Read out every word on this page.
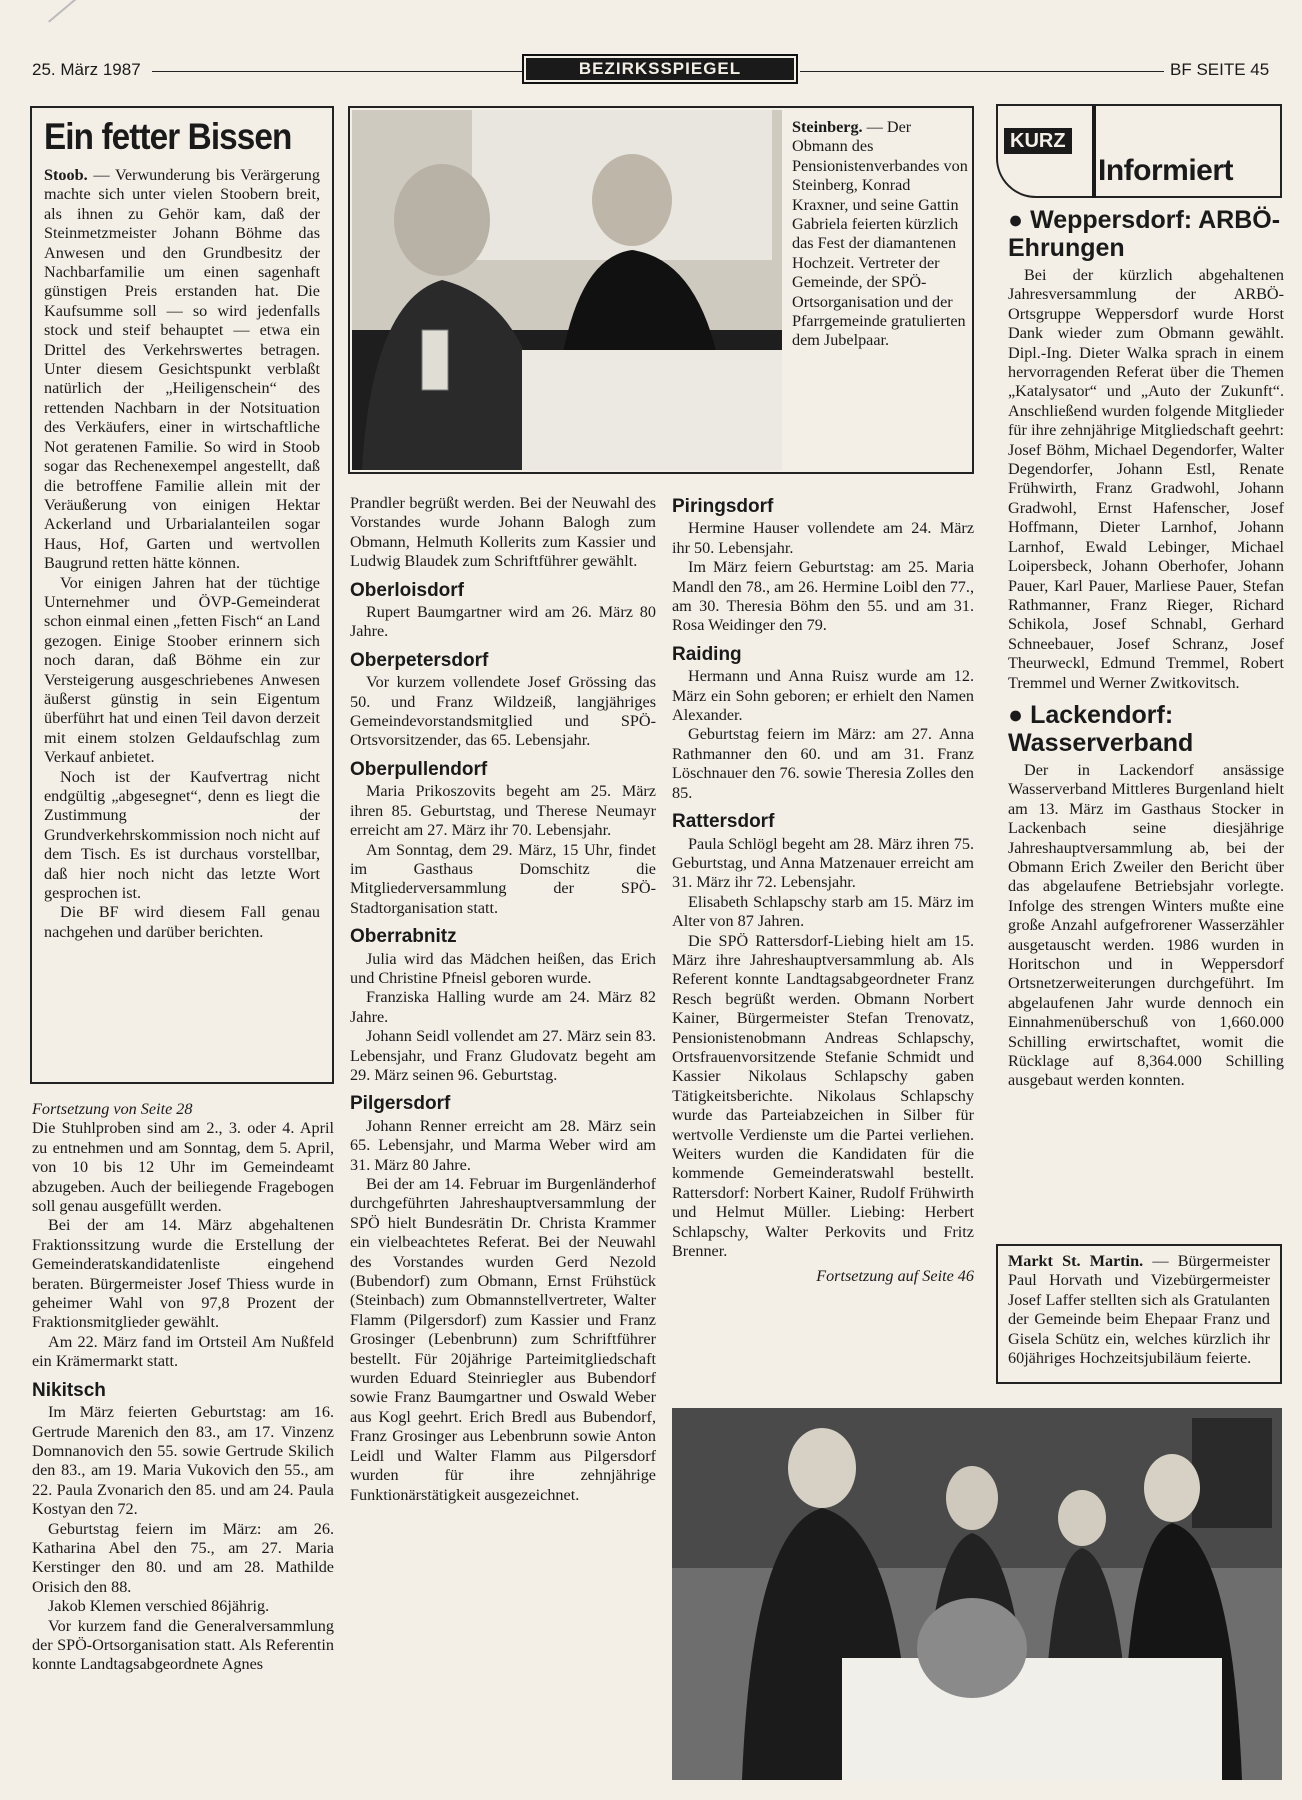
25. März 1987	BEZIRKSSPIEGEL	BF SEITE 45
Ein fetter Bissen

Stoob. — Verwunderung bis Verärgerung machte sich unter vielen Stoobern breit, als ihnen zu Gehör kam, daß der Steinmetzmeister Johann Böhme das Anwesen und den Grundbesitz der Nachbarfamilie um einen sagenhaft günstigen Preis erstanden hat. Die Kaufsumme soll — so wird jedenfalls stock und steif behauptet — etwa ein Drittel des Verkehrswertes betragen. Unter diesem Gesichtspunkt verblaßt natürlich der „Heiligenschein“ des rettenden Nachbarn in der Notsituation des Verkäufers, einer in wirtschaftliche Not geratenen Familie. So wird in Stoob sogar das Rechenexempel angestellt, daß die betroffene Familie allein mit der Veräußerung von einigen Hektar Ackerland und Urbarialanteilen sogar Haus, Hof, Garten und wertvollen Baugrund retten hätte können.

Vor einigen Jahren hat der tüchtige Unternehmer und ÖVP-Gemeinderat schon einmal einen „fetten Fisch“ an Land gezogen. Einige Stoober erinnern sich noch daran, daß Böhme ein zur Versteigerung ausgeschriebenes Anwesen äußerst günstig in sein Eigentum überführt hat und einen Teil davon derzeit mit einem stolzen Geldaufschlag zum Verkauf anbietet.

Noch ist der Kaufvertrag nicht endgültig „abgesegnet“, denn es liegt die Zustimmung der Grundverkehrskommission noch nicht auf dem Tisch. Es ist durchaus vorstellbar, daß hier noch nicht das letzte Wort gesprochen ist.

Die BF wird diesem Fall genau nachgehen und darüber berichten.

Fortsetzung von Seite 28

Die Stuhlproben sind am 2., 3. oder 4. April zu entnehmen und am Sonntag, dem 5. April, von 10 bis 12 Uhr im Gemeindeamt abzugeben. Auch der beiliegende Fragebogen soll genau ausgefüllt werden.

Bei der am 14. März abgehaltenen Fraktionssitzung wurde die Erstellung der Gemeinderatskandidatenliste eingehend beraten. Bürgermeister Josef Thiess wurde in geheimer Wahl von 97,8 Prozent der Fraktionsmitglieder gewählt.

Am 22. März fand im Ortsteil Am Nußfeld ein Krämermarkt statt.

Nikitsch

Im März feierten Geburtstag: am 16. Gertrude Marenich den 83., am 17. Vinzenz Domnanovich den 55. sowie Gertrude Skilich den 83., am 19. Maria Vukovich den 55., am 22. Paula Zvonarich den 85. und am 24. Paula Kostyan den 72.

Geburtstag feiern im März: am 26. Katharina Abel den 75., am 27. Maria Kerstinger den 80. und am 28. Mathilde Orisich den 88.

Jakob Klemen verschied 86jährig.

Vor kurzem fand die Generalversammlung der SPÖ-Ortsorganisation statt. Als Referentin konnte Landtagsabgeordnete Agnes

Steinberg. — Der Obmann des Pensionistenverbandes von Steinberg, Konrad Kraxner, und seine Gattin Gabriela feierten kürzlich das Fest der diamantenen Hochzeit. Vertreter der Gemeinde, der SPÖ-Ortsorganisation und der Pfarrgemeinde gratulierten dem Jubelpaar.

Prandler begrüßt werden. Bei der Neuwahl des Vorstandes wurde Johann Balogh zum Obmann, Helmuth Kollerits zum Kassier und Ludwig Blaudek zum Schriftführer gewählt.

Oberloisdorf

Rupert Baumgartner wird am 26. März 80 Jahre.

Oberpetersdorf

Vor kurzem vollendete Josef Grössing das 50. und Franz Wildzeiß, langjähriges Gemeindevorstandsmitglied und SPÖ-Ortsvorsitzender, das 65. Lebensjahr.

Oberpullendorf

Maria Prikoszovits begeht am 25. März ihren 85. Geburtstag, und Therese Neumayr erreicht am 27. März ihr 70. Lebensjahr.

Am Sonntag, dem 29. März, 15 Uhr, findet im Gasthaus Domschitz die Mitgliederversammlung der SPÖ-Stadtorganisation statt.

Oberrabnitz

Julia wird das Mädchen heißen, das Erich und Christine Pfneisl geboren wurde.

Franziska Halling wurde am 24. März 82 Jahre.

Johann Seidl vollendet am 27. März sein 83. Lebensjahr, und Franz Gludovatz begeht am 29. März seinen 96. Geburtstag.

Pilgersdorf

Johann Renner erreicht am 28. März sein 65. Lebensjahr, und Marma Weber wird am 31. März 80 Jahre.

Bei der am 14. Februar im Burgenländerhof durchgeführten Jahreshauptversammlung der SPÖ hielt Bundesrätin Dr. Christa Krammer ein vielbeachtetes Referat. Bei der Neuwahl des Vorstandes wurden Gerd Nezold (Bubendorf) zum Obmann, Ernst Frühstück (Steinbach) zum Obmannstellvertreter, Walter Flamm (Pilgersdorf) zum Kassier und Franz Grosinger (Lebenbrunn) zum Schriftführer bestellt. Für 20jährige Parteimitgliedschaft wurden Eduard Steinriegler aus Bubendorf sowie Franz Baumgartner und Oswald Weber aus Kogl geehrt. Erich Bredl aus Bubendorf, Franz Grosinger aus Lebenbrunn sowie Anton Leidl und Walter Flamm aus Pilgersdorf wurden für ihre zehnjährige Funktionärstätigkeit ausgezeichnet.

Piringsdorf

Hermine Hauser vollendete am 24. März ihr 50. Lebensjahr.

Im März feiern Geburtstag: am 25. Maria Mandl den 78., am 26. Hermine Loibl den 77., am 30. Theresia Böhm den 55. und am 31. Rosa Weidinger den 79.

Raiding

Hermann und Anna Ruisz wurde am 12. März ein Sohn geboren; er erhielt den Namen Alexander.

Geburtstag feiern im März: am 27. Anna Rathmanner den 60. und am 31. Franz Löschnauer den 76. sowie Theresia Zolles den 85.

Rattersdorf

Paula Schlögl begeht am 28. März ihren 75. Geburtstag, und Anna Matzenauer erreicht am 31. März ihr 72. Lebensjahr.

Elisabeth Schlapschy starb am 15. März im Alter von 87 Jahren.

Die SPÖ Rattersdorf-Liebing hielt am 15. März ihre Jahreshauptversammlung ab. Als Referent konnte Landtagsabgeordneter Franz Resch begrüßt werden. Obmann Norbert Kainer, Bürgermeister Stefan Trenovatz, Pensionistenobmann Andreas Schlapschy, Ortsfrauenvorsitzende Stefanie Schmidt und Kassier Nikolaus Schlapschy gaben Tätigkeitsberichte. Nikolaus Schlapschy wurde das Parteiabzeichen in Silber für wertvolle Verdienste um die Partei verliehen. Weiters wurden die Kandidaten für die kommende Gemeinderatswahl bestellt. Rattersdorf: Norbert Kainer, Rudolf Frühwirth und Helmut Müller. Liebing: Herbert Schlapschy, Walter Perkovits und Fritz Brenner.

Fortsetzung auf Seite 46

KURZ
Informiert
● Weppersdorf: ARBÖ-Ehrungen

Bei der kürzlich abgehaltenen Jahresversammlung der ARBÖ-Ortsgruppe Weppersdorf wurde Horst Dank wieder zum Obmann gewählt. Dipl.-Ing. Dieter Walka sprach in einem hervorragenden Referat über die Themen „Katalysator“ und „Auto der Zukunft“. Anschließend wurden folgende Mitglieder für ihre zehnjährige Mitgliedschaft geehrt: Josef Böhm, Michael Degendorfer, Walter Degendorfer, Johann Estl, Renate Frühwirth, Franz Gradwohl, Johann Gradwohl, Ernst Hafenscher, Josef Hoffmann, Dieter Larnhof, Johann Larnhof, Ewald Lebinger, Michael Loipersbeck, Johann Oberhofer, Johann Pauer, Karl Pauer, Marliese Pauer, Stefan Rathmanner, Franz Rieger, Richard Schikola, Josef Schnabl, Gerhard Schneebauer, Josef Schranz, Josef Theurweckl, Edmund Tremmel, Robert Tremmel und Werner Zwitkovitsch.

● Lackendorf: Wasserverband

Der in Lackendorf ansässige Wasserverband Mittleres Burgenland hielt am 13. März im Gasthaus Stocker in Lackenbach seine diesjährige Jahreshauptversammlung ab, bei der Obmann Erich Zweiler den Bericht über das abgelaufene Betriebsjahr vorlegte. Infolge des strengen Winters mußte eine große Anzahl aufgefrorener Wasserzähler ausgetauscht werden. 1986 wurden in Horitschon und in Weppersdorf Ortsnetzerweiterungen durchgeführt. Im abgelaufenen Jahr wurde dennoch ein Einnahmenüberschuß von 1,660.000 Schilling erwirtschaftet, womit die Rücklage auf 8,364.000 Schilling ausgebaut werden konnten.

Markt St. Martin. — Bürgermeister Paul Horvath und Vizebürgermeister Josef Laffer stellten sich als Gratulanten der Gemeinde beim Ehepaar Franz und Gisela Schütz ein, welches kürzlich ihr 60jähriges Hochzeitsjubiläum feierte.
